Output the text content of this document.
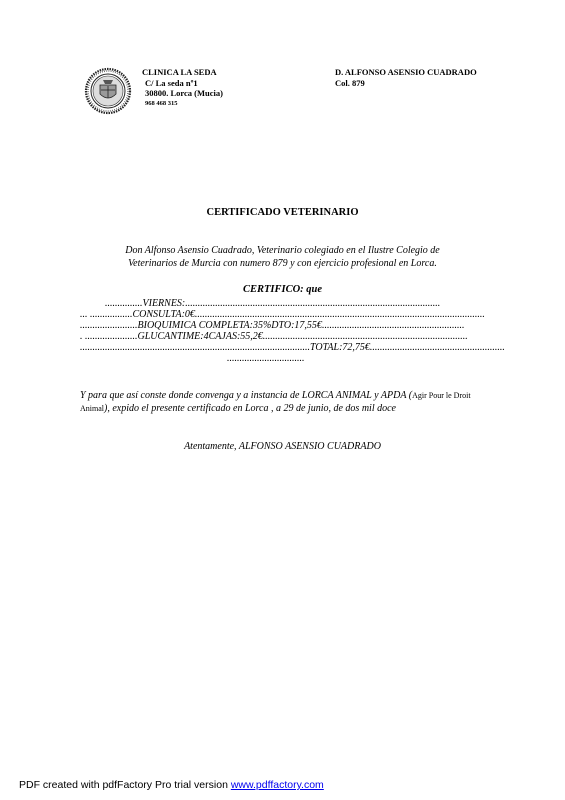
CLINICA LA SEDA
C/ La seda nº1
30800. Lorca (Mucia)
968 468 315
D. ALFONSO ASENSIO CUADRADO
Col. 879
CERTIFICADO VETERINARIO
Don Alfonso Asensio Cuadrado, Veterinario colegiado en el Ilustre Colegio de
Veterinarios de Murcia con numero 879 y con ejercicio profesional en Lorca.
CERTIFICO: que
...............VIERNES:......................................................................................................
... .................CONSULTA:0€....................................................................................................................
.......................BIOQUIMICA COMPLETA:35%DTO:17,55€.........................................................
. .....................GLUCANTIME:4CAJAS:55,2€..................................................................................
............................................................................................TOTAL:72,75€......................................................
...............................
Y para que así conste donde convenga y a instancia de LORCA ANIMAL y APDA (Agir Pour le Droit Animal), expido el presente certificado en Lorca , a 29 de junio, de dos mil doce
Atentamente, ALFONSO ASENSIO CUADRADO
PDF created with pdfFactory Pro trial version www.pdffactory.com
